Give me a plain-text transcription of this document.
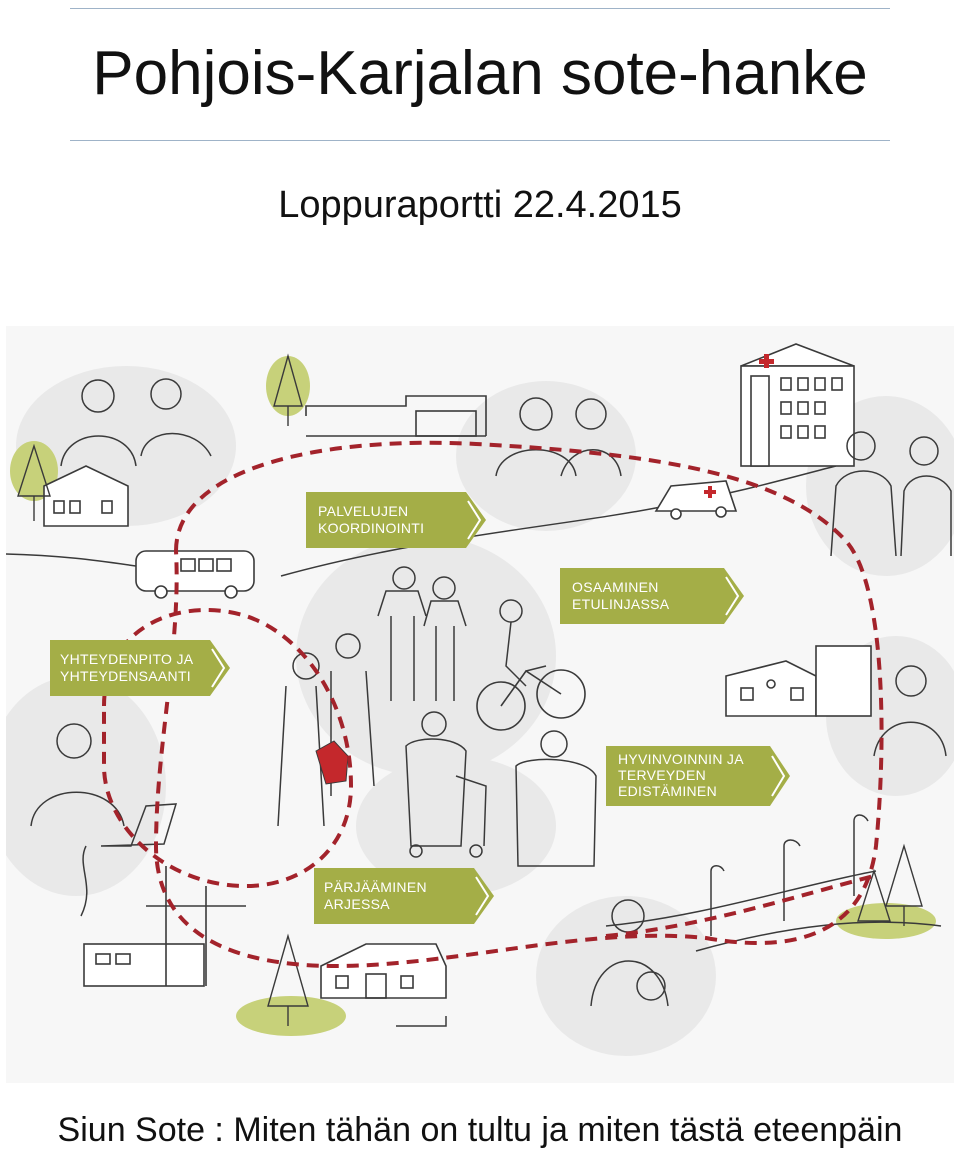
Pohjois-Karjalan sote-hanke
Loppuraportti 22.4.2015
PALVELUJEN
KOORDINOINTI
OSAAMINEN
ETULINJASSA
YHTEYDENPITO JA
YHTEYDENSAANTI
HYVINVOINNIN JA
TERVEYDEN
EDISTÄMINEN
PÄRJÄÄMINEN
ARJESSA
Siun Sote : Miten tähän on tultu ja miten tästä eteenpäin
